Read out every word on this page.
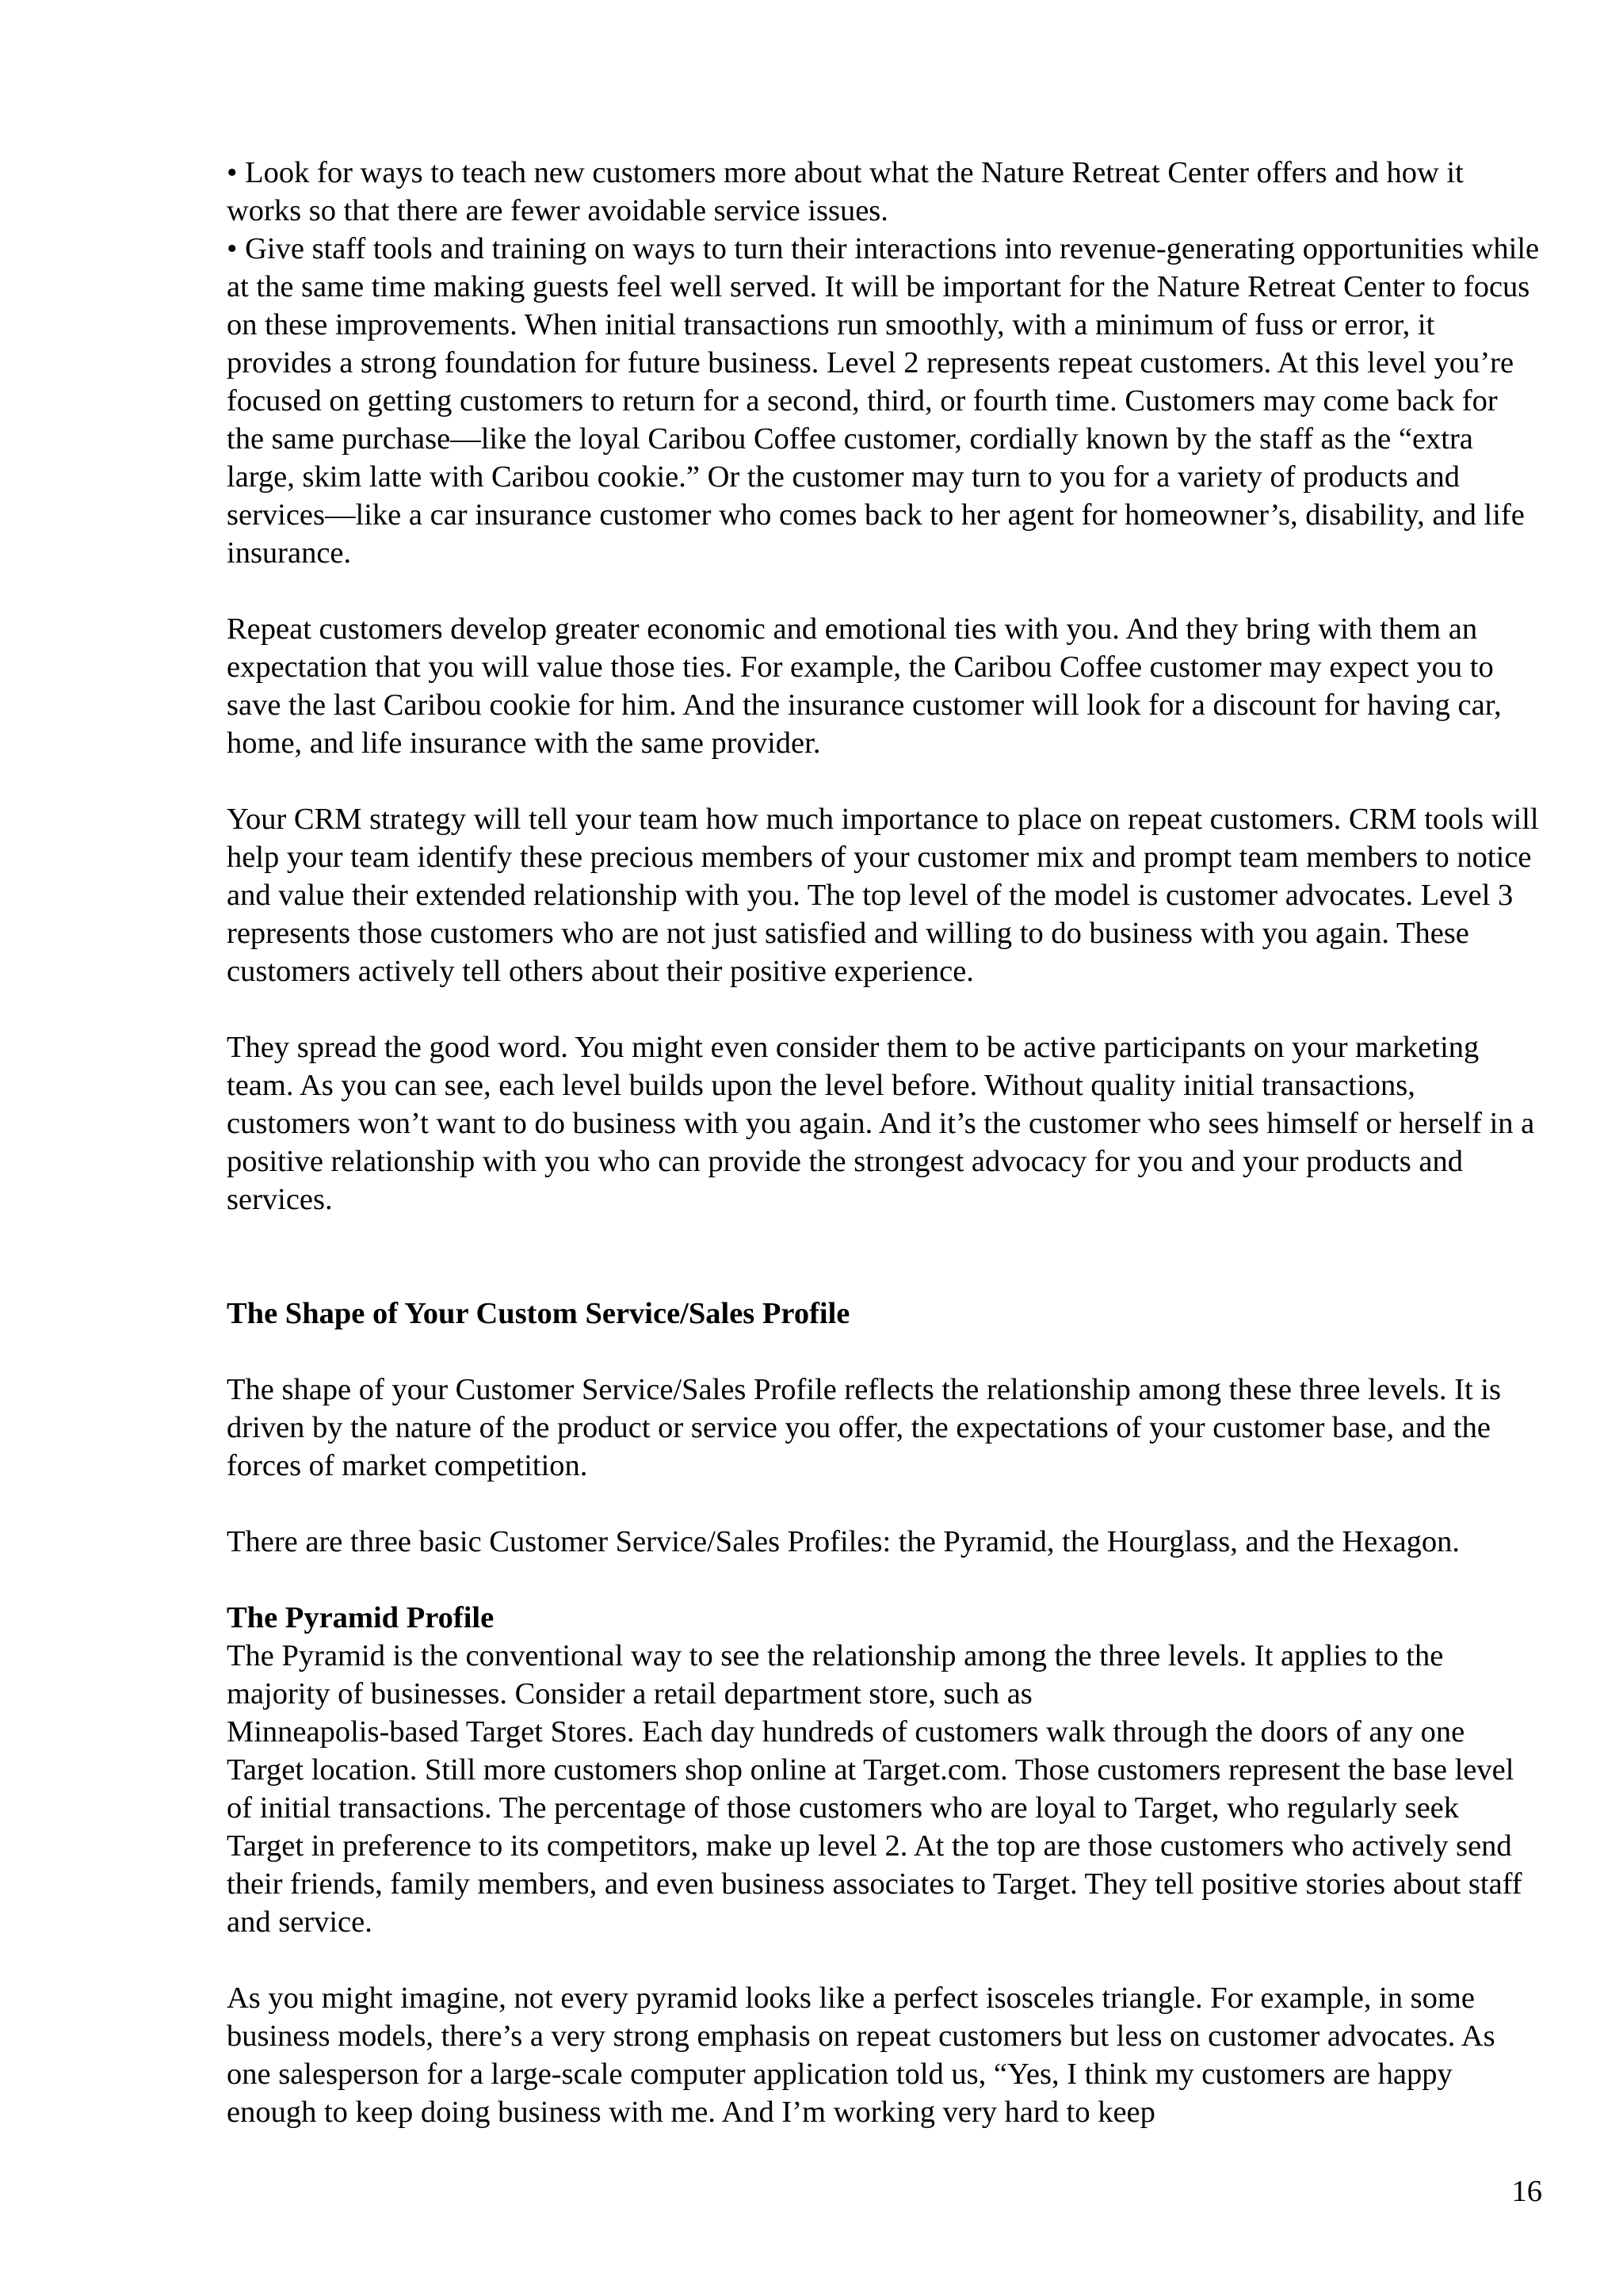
• Look for ways to teach new customers more about what the Nature Retreat Center offers and how it works so that there are fewer avoidable service issues.
• Give staff tools and training on ways to turn their interactions into revenue-generating opportunities while at the same time making guests feel well served. It will be important for the Nature Retreat Center to focus on these improvements. When initial transactions run smoothly, with a minimum of fuss or error, it provides a strong foundation for future business. Level 2 represents repeat customers. At this level you’re focused on getting customers to return for a second, third, or fourth time. Customers may come back for the same purchase—like the loyal Caribou Coffee customer, cordially known by the staff as the “extra large, skim latte with Caribou cookie.” Or the customer may turn to you for a variety of products and services—like a car insurance customer who comes back to her agent for homeowner’s, disability, and life insurance.
Repeat customers develop greater economic and emotional ties with you. And they bring with them an expectation that you will value those ties. For example, the Caribou Coffee customer may expect you to save the last Caribou cookie for him. And the insurance customer will look for a discount for having car, home, and life insurance with the same provider.
Your CRM strategy will tell your team how much importance to place on repeat customers. CRM tools will help your team identify these precious members of your customer mix and prompt team members to notice and value their extended relationship with you. The top level of the model is customer advocates. Level 3 represents those customers who are not just satisfied and willing to do business with you again. These customers actively tell others about their positive experience.
They spread the good word. You might even consider them to be active participants on your marketing team. As you can see, each level builds upon the level before. Without quality initial transactions, customers won’t want to do business with you again. And it’s the customer who sees himself or herself in a positive relationship with you who can provide the strongest advocacy for you and your products and services.
The Shape of Your Custom Service/Sales Profile
The shape of your Customer Service/Sales Profile reflects the relationship among these three levels. It is driven by the nature of the product or service you offer, the expectations of your customer base, and the forces of market competition.
There are three basic Customer Service/Sales Profiles: the Pyramid, the Hourglass, and the Hexagon.
The Pyramid Profile
The Pyramid is the conventional way to see the relationship among the three levels. It applies to the majority of businesses. Consider a retail department store, such as
Minneapolis-based Target Stores. Each day hundreds of customers walk through the doors of any one Target location. Still more customers shop online at Target.com. Those customers represent the base level of initial transactions. The percentage of those customers who are loyal to Target, who regularly seek Target in preference to its competitors, make up level 2. At the top are those customers who actively send their friends, family members, and even business associates to Target. They tell positive stories about staff and service.
As you might imagine, not every pyramid looks like a perfect isosceles triangle. For example, in some business models, there’s a very strong emphasis on repeat customers but less on customer advocates. As one salesperson for a large-scale computer application told us, “Yes, I think my customers are happy enough to keep doing business with me. And I’m working very hard to keep
16
